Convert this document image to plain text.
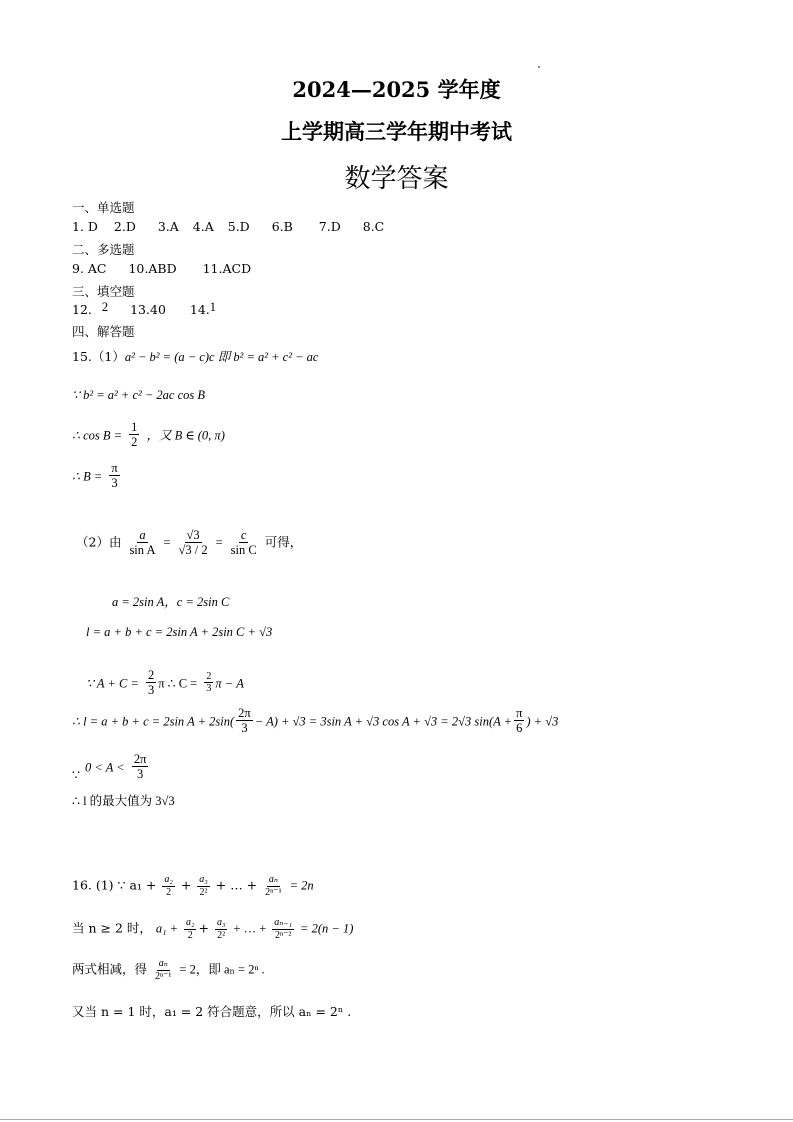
2024—2025 学年度
上学期高三学年期中考试
数学答案
一、单选题
1. D 2.D 3.A 4.A 5.D 6.B 7.D 8.C
二、多选题
9. AC 10.ABD 11.ACD
三、填空题
12. 2 13.40 14.1
四、解答题
15.（1）a² − b² = (a − c)c 即 b² = a² + c² − ac
∵ b² = a² + c² − 2ac cos B
∴ $\cos B = \frac{1}{2}$ ，又 B ∈ (0, π)
∴ $B = \frac{\pi}{3}$
（2）由 $\frac{a}{\text{sin A}} = \frac{√3}{√3 / 2} = \frac{c}{\text{sin C}}$ 可得，
a = 2sin A，c = 2sin C
l = a + b + c = 2sin A + 2sin C + √3
∵ $A + C = \frac{2}{3}$ π ∴ $C = \frac{2}{3}$ π − A
∴ l = a + b + c = 2sin $A + 2\sin( \frac{2\pi}{3} - A) + √3 = 3\sin$ A + √3 cos A + √3 = 2√3 $\sin(A + \frac{\pi}{6}$ ) + √3
$_\because$ $0 < A < \frac{2\pi}{3}$
∴ l 的最大值为 3√3
16. (1) ∵ $a_1 + \frac{\text{a₂}}{2} + \frac{\text{a₃}}{\text{2²}}$ + … + $\frac{\text{aₙ}}{\text{2ⁿ⁻¹}} = 2n$
当 n ≥ 2 时， $a_1 + \frac{\text{a₂}}{2} + \frac{\text{a₃}}{\text{2²}}$ + … + $\frac{\text{aₙ₋₁}}{\text{2ⁿ⁻²}} = 2(n - 1)$
两式相减，得 $\frac{\text{aₙ}}{\text{2ⁿ⁻¹}} = 2$，即 aₙ = 2ⁿ .
又当 n = 1 时，a₁ = 2 符合题意，所以 aₙ = 2ⁿ .
